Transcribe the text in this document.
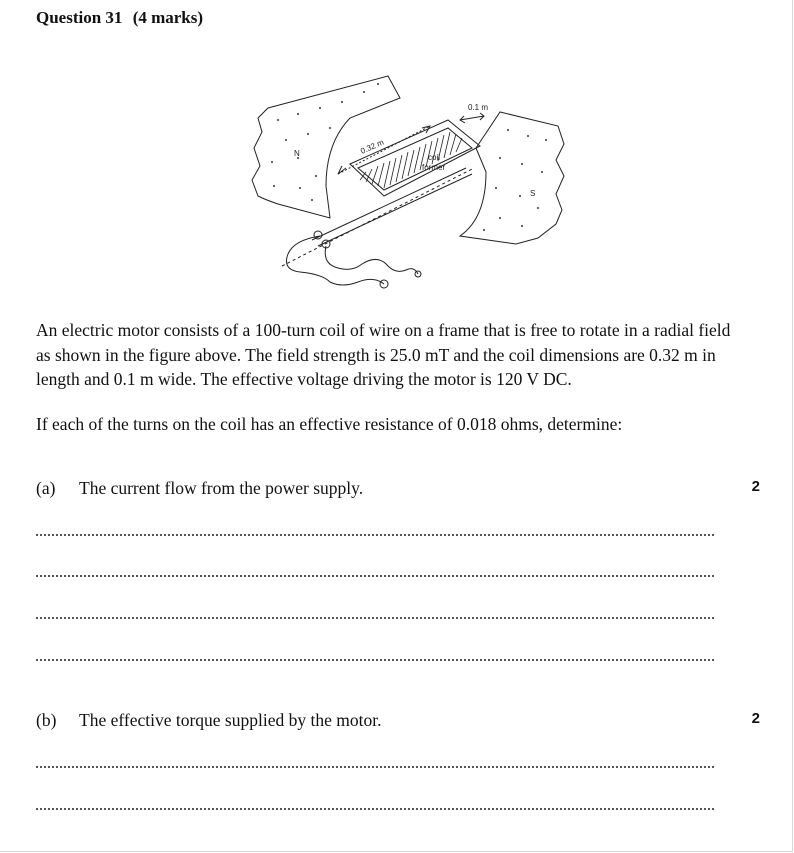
Question 31 (4 marks)
N
S
0.32 m
0.1 m
coil
former

An electric motor consists of a 100-turn coil of wire on a frame that is free to rotate in a radial field as shown in the figure above. The field strength is 25.0 mT and the coil dimensions are 0.32 m in length and 0.1 m wide. The effective voltage driving the motor is 120 V DC.

If each of the turns on the coil has an effective resistance of 0.018 ohms, determine:

(a) The current flow from the power supply.	2
(b) The effective torque supplied by the motor.	2
